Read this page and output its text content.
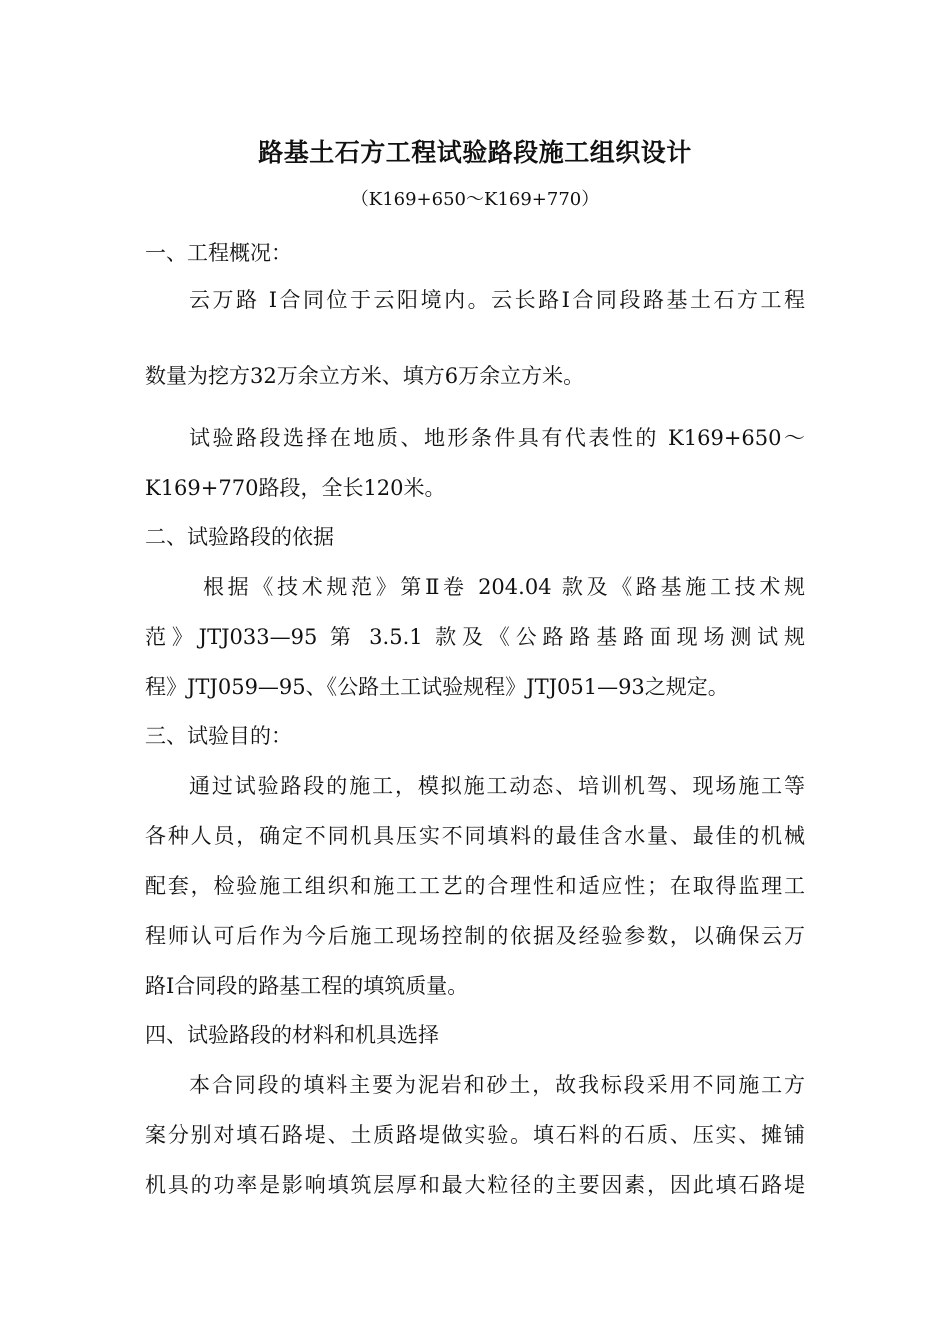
路基土石方工程试验路段施工组织设计
（K169+650～K169+770）
一、工程概况：
云万路 Ⅰ合同位于云阳境内。云长路Ⅰ合同段路基土石方工程
数量为挖方32万余立方米、填方6万余立方米。
试验路段选择在地质、地形条件具有代表性的 K169+650～
K169+770路段，全长120米。
二、试验路段的依据
根据《技术规范》第Ⅱ卷 204.04 款及《路基施工技术规
范》JTJ033—95 第 3.5.1 款及《公路路基路面现场测试规
程》JTJ059—95、《公路土工试验规程》JTJ051—93之规定。
三、试验目的：
通过试验路段的施工，模拟施工动态、培训机驾、现场施工等
各种人员，确定不同机具压实不同填料的最佳含水量、最佳的机械
配套，检验施工组织和施工工艺的合理性和适应性；在取得监理工
程师认可后作为今后施工现场控制的依据及经验参数，以确保云万
路Ⅰ合同段的路基工程的填筑质量。
四、试验路段的材料和机具选择
本合同段的填料主要为泥岩和砂土，故我标段采用不同施工方
案分别对填石路堤、土质路堤做实验。填石料的石质、压实、摊铺
机具的功率是影响填筑层厚和最大粒径的主要因素，因此填石路堤
